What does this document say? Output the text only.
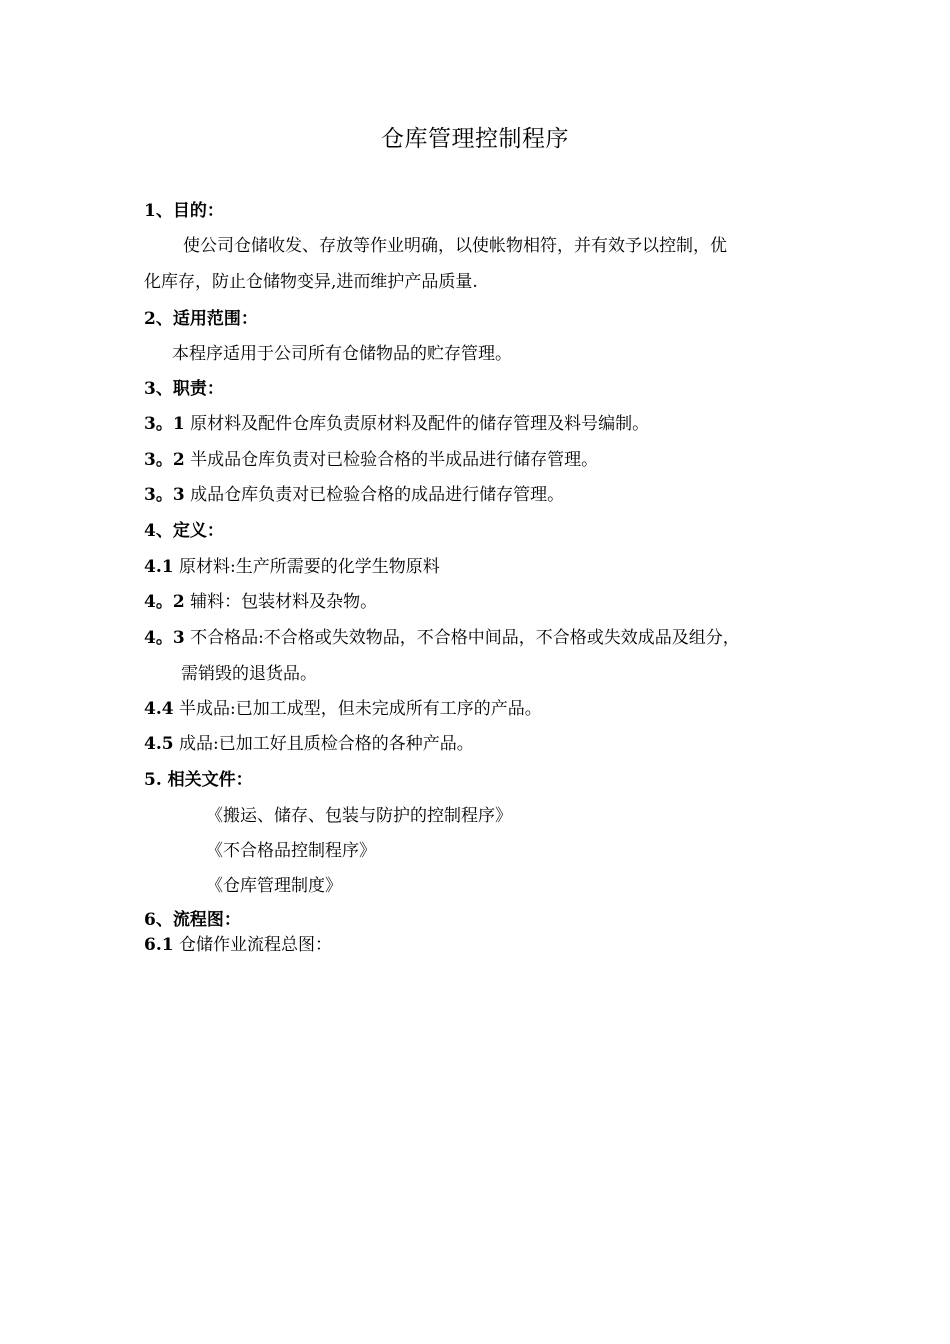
仓库管理控制程序
1、目的：
使公司仓储收发、存放等作业明确，以使帐物相符，并有效予以控制，优
化库存，防止仓储物变异,进而维护产品质量.
2、适用范围：
本程序适用于公司所有仓储物品的贮存管理。
3、职责：
3。1 原材料及配件仓库负责原材料及配件的储存管理及料号编制。
3。2 半成品仓库负责对已检验合格的半成品进行储存管理。
3。3 成品仓库负责对已检验合格的成品进行储存管理。
4、定义：
4.1 原材料:生产所需要的化学生物原料
4。2 辅料：包装材料及杂物。
4。3 不合格品:不合格或失效物品，不合格中间品，不合格或失效成品及组分，
需销毁的退货品。
4.4 半成品:已加工成型，但未完成所有工序的产品。
4.5 成品:已加工好且质检合格的各种产品。
5. 相关文件：
《搬运、储存、包装与防护的控制程序》
《不合格品控制程序》
《仓库管理制度》
6、流程图：
6.1 仓储作业流程总图：
